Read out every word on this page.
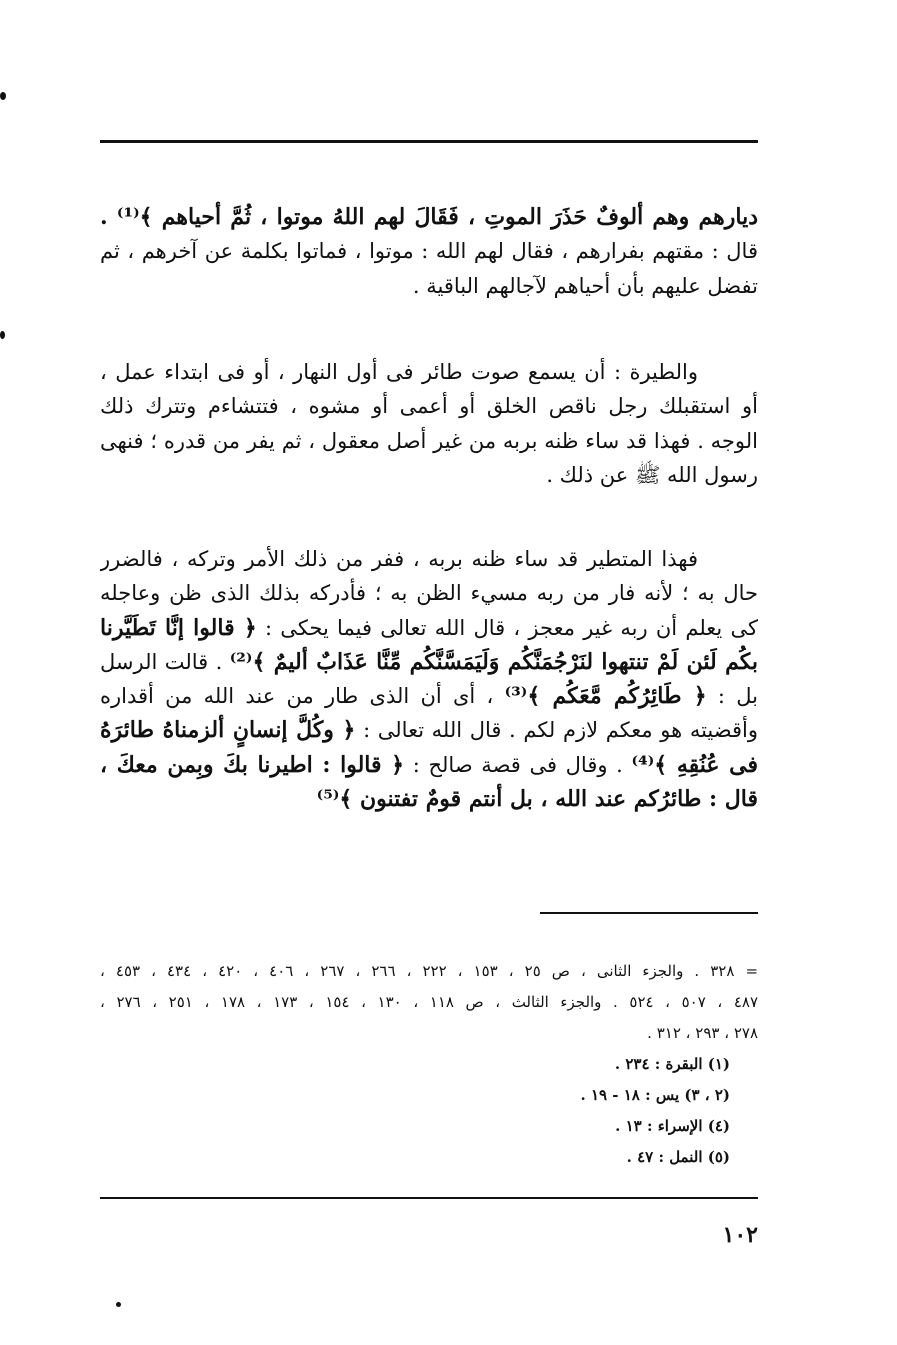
ديارهم وهم ألوفٌ حَذَرَ الموتِ ، فَقَالَ لهم اللهُ موتوا ، ثُمَّ أحياهم ﴾⁽¹⁾ .
قال : مقتهم بفرارهم ، فقال لهم الله : موتوا ، فماتوا بكلمة عن آخرهم ، ثم
تفضل عليهم بأن أحياهم لآجالهم الباقية .
والطيرة : أن يسمع صوت طائر فى أول النهار ، أو فى ابتداء عمل ،
أو استقبلك رجل ناقص الخلق أو أعمى أو مشوه ، فتتشاءم وتترك ذلك
الوجه . فهذا قد ساء ظنه بربه من غير أصل معقول ، ثم يفر من قدره ؛ فنهى
رسول الله ﷺ عن ذلك .
فهذا المتطير قد ساء ظنه بربه ، ففر من ذلك الأمر وتركه ، فالضرر
حال به ؛ لأنه فار من ربه مسيء الظن به ؛ فأدركه بذلك الذى ظن وعاجله
كى يعلم أن ربه غير معجز ، قال الله تعالى فيما يحكى : ﴿ قالوا إنَّا تَطَيَّرنا
بكُم لَئن لَمْ تنتهوا لنَرْجُمَنَّكُم وَلَيَمَسَّنَّكُم مِّنَّا عَذَابٌ أليمٌ ﴾⁽²⁾ . قالت الرسل
بل : ﴿ طَائِرُكُم مَّعَكُم ﴾⁽³⁾ ، أى أن الذى طار من عند الله من أقداره
وأقضيته هو معكم لازم لكم . قال الله تعالى : ﴿ وكُلَّ إنسانٍ ألزمناهُ طائرَهُ
فى عُنُقِهِ ﴾⁽⁴⁾ . وقال فى قصة صالح : ﴿ قالوا : اطيرنا بكَ وبِمن معكَ ،
قال : طائرُكم عند الله ، بل أنتم قومٌ تفتنون ﴾⁽⁵⁾
= ٣٢٨ . والجزء الثانى ، ص ٢٥ ، ١٥٣ ، ٢٢٢ ، ٢٦٦ ، ٢٦٧ ، ٤٠٦ ، ٤٢٠ ، ٤٣٤ ، ٤٥٣ ،
٤٨٧ ، ٥٠٧ ، ٥٢٤ . والجزء الثالث ، ص ١١٨ ، ١٣٠ ، ١٥٤ ، ١٧٣ ، ١٧٨ ، ٢٥١ ، ٢٧٦ ،
٢٧٨ ، ٢٩٣ ، ٣١٢ .
(١) البقرة : ٢٣٤ .
(٢ ، ٣) يس : ١٨ - ١٩ .
(٤) الإسراء : ١٣ .
(٥) النمل : ٤٧ .
١٠٢
